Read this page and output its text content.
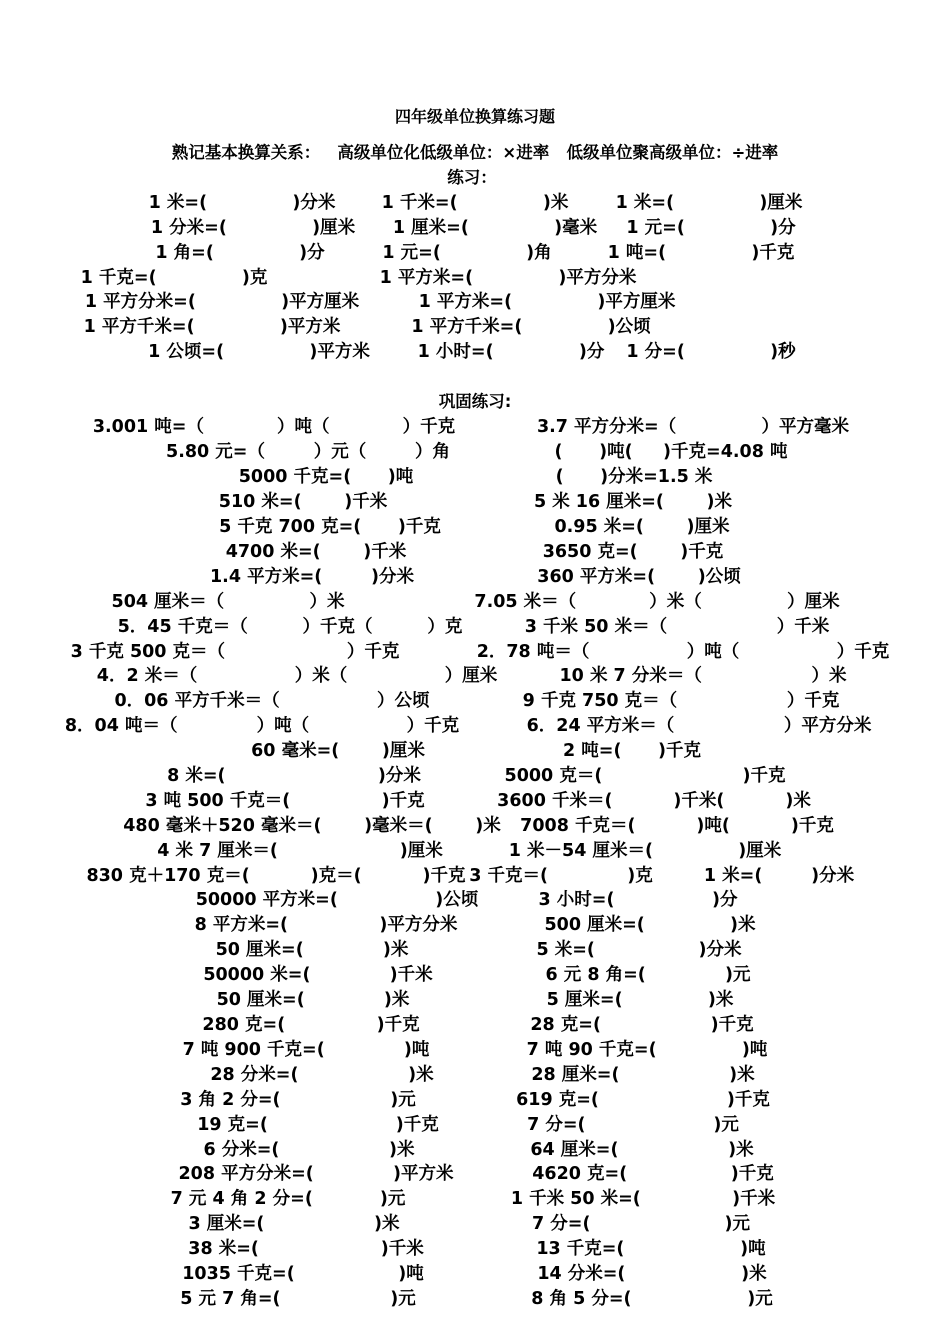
四年级单位换算练习题
熟记基本换算关系：   高级单位化低级单位：×进率   低级单位聚高级单位：÷进率
练习：
1 米=(              )分米	1 千米=(              )米	1 米=(              )厘米
1 分米=(              )厘米 1 厘米=(              )毫米 1 元=(              )分
1 角=(              )分	1 元=(              )角	1 吨=(              )千克
1 千克=(              )克	1 平方米=(              )平方分米
1 平方分米=(              )平方厘米	1 平方米=(              )平方厘米
1 平方千米=(              )平方米	1 平方千米=(              )公顷
1 公顷=(              )平方米	1 小时=(              )分 1 分=(              )秒
巩固练习:
3.001 吨=（            ）吨（            ）千克	3.7 平方分米=（              ）平方毫米
5.80 元=（        ）元（        ）角	(      )吨(     )千克=4.08 吨
5000 千克=(      )吨	(      )分米=1.5 米
510 米=(       )千米	5 米 16 厘米=(       )米
5 千克 700 克=(      )千克	0.95 米=(       )厘米
4700 米=(       )千米	3650 克=(       )千克
1.4 平方米=(        )分米	360 平方米=(       )公顷
504 厘米＝（              ）米	7.05 米＝（            ）米（              ）厘米
5．45 千克＝（         ）千克（         ）克	3 千米 50 米＝（                  ）千米
3 千克 500 克＝（                    ）千克	2．78 吨＝（                ）吨（                ）千克
4．2 米＝（                ）米（                ）厘米	10 米 7 分米＝（                  ）米
0．06 平方千米＝（                ）公顷	9 千克 750 克＝（                  ）千克
8．04 吨＝（             ）吨（                ）千克	6．24 平方米＝（                  ）平方分米
60 毫米=(       )厘米	2 吨=(      )千克
8 米=(                         )分米	5000 克＝(                       )千克
3 吨 500 千克＝(               )千克	3600 千米＝(          )千米(          )米
480 毫米＋520 毫米＝(       )毫米＝(       )米 7008 千克＝(          )吨(          )千克
4 米 7 厘米＝(                    )厘米	1 米－54 厘米＝(              )厘米
830 克＋170 克＝(          )克＝(          )千克 3 千克＝(             )克	1 米=(        )分米
50000 平方米=(                )公顷	3 小时=(                )分
8 平方米=(               )平方分米	500 厘米=(              )米
50 厘米=(             )米	5 米=(                 )分米
50000 米=(             )千米	6 元 8 角=(             )元
50 厘米=(             )米	5 厘米=(              )米
280 克=(               )千克	28 克=(                  )千克
7 吨 900 千克=(             )吨	7 吨 90 千克=(              )吨
28 分米=(                  )米	28 厘米=(                  )米
3 角 2 分=(                  )元	619 克=(                     )千克
19 克=(                     )千克	7 分=(                     )元
6 分米=(                  )米	64 厘米=(                  )米
208 平方分米=(             )平方米	4620 克=(                 )千克
7 元 4 角 2 分=(           )元	1 千米 50 米=(               )千米
3 厘米=(                  )米	7 分=(                      )元
38 米=(                    )千米	13 千克=(                   )吨
1035 千克=(                 )吨	14 分米=(                   )米
5 元 7 角=(                  )元	8 角 5 分=(                   )元
